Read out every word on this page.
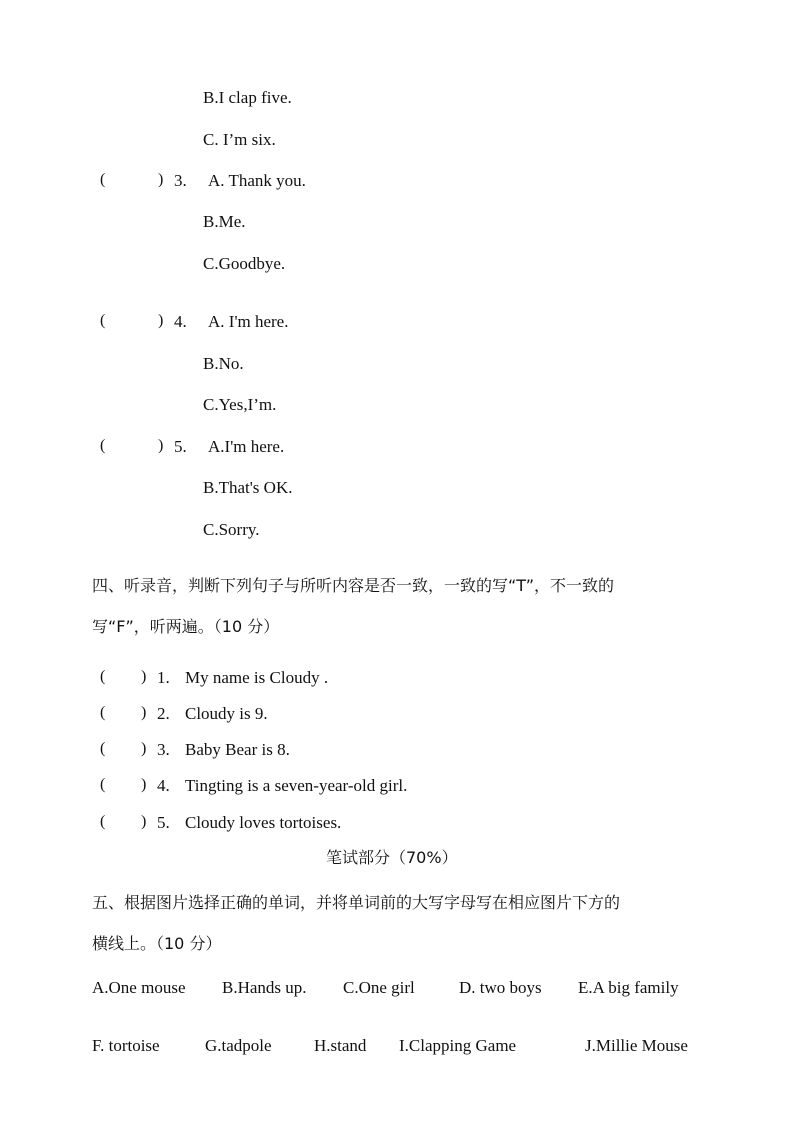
B.I clap five.
C. I’m six.
(	) 3. A. Thank you.
B.Me.
C.Goodbye.
(	) 4. A. I'm here.
B.No.
C.Yes,I’m.
(	) 5. A.I'm here.
B.That's OK.
C.Sorry.
四、听录音，判断下列句子与所听内容是否一致，一致的写“T”，不一致的
写“F”，听两遍。（10 分）
( ) 1. My name is Cloudy .
( ) 2. Cloudy is 9.
( ) 3. Baby Bear is 8.
( ) 4. Tingting is a seven-year-old girl.
( ) 5. Cloudy loves tortoises.
笔试部分（70%）
五、根据图片选择正确的单词，并将单词前的大写字母写在相应图片下方的
横线上。（10 分）
A.One mouse B.Hands up. C.One girl	D. two boys E.A big family
F. tortoise	G.tadpole H.stand I.Clapping Game	J.Millie Mouse
